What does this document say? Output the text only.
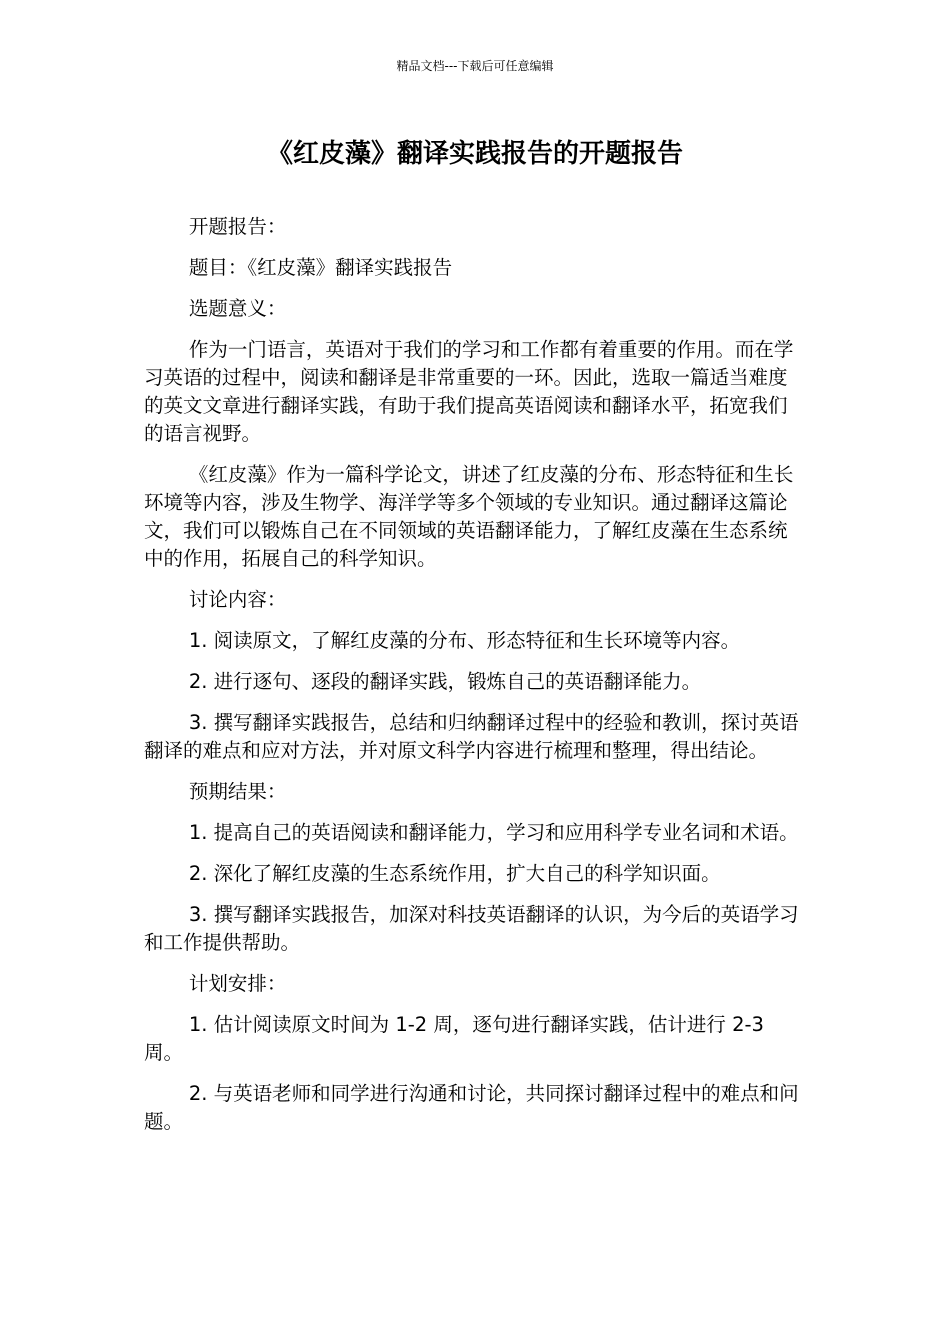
精品文档---下载后可任意编辑
《红皮藻》翻译实践报告的开题报告

开题报告：

题目：《红皮藻》翻译实践报告

选题意义：

作为一门语言，英语对于我们的学习和工作都有着重要的作用。而在学习英语的过程中，阅读和翻译是非常重要的一环。因此，选取一篇适当难度的英文文章进行翻译实践，有助于我们提高英语阅读和翻译水平，拓宽我们的语言视野。

《红皮藻》作为一篇科学论文，讲述了红皮藻的分布、形态特征和生长环境等内容，涉及生物学、海洋学等多个领域的专业知识。通过翻译这篇论文，我们可以锻炼自己在不同领域的英语翻译能力，了解红皮藻在生态系统中的作用，拓展自己的科学知识。

讨论内容：

1. 阅读原文，了解红皮藻的分布、形态特征和生长环境等内容。

2. 进行逐句、逐段的翻译实践，锻炼自己的英语翻译能力。

3. 撰写翻译实践报告，总结和归纳翻译过程中的经验和教训，探讨英语翻译的难点和应对方法，并对原文科学内容进行梳理和整理，得出结论。

预期结果：

1. 提高自己的英语阅读和翻译能力，学习和应用科学专业名词和术语。

2. 深化了解红皮藻的生态系统作用，扩大自己的科学知识面。

3. 撰写翻译实践报告，加深对科技英语翻译的认识，为今后的英语学习和工作提供帮助。

计划安排：

1. 估计阅读原文时间为 1-2 周，逐句进行翻译实践，估计进行 2-3 周。

2. 与英语老师和同学进行沟通和讨论，共同探讨翻译过程中的难点和问题。
